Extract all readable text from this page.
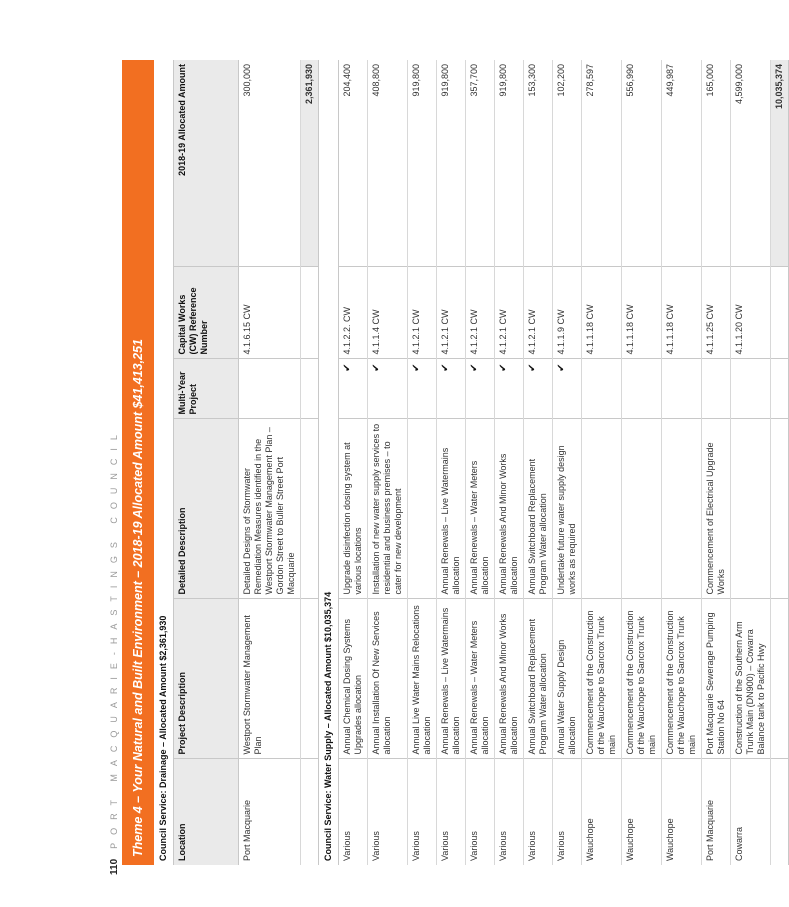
110
PORT MACQUARIE-HASTINGS COUNCIL Theme 4 – Your Natural and Built Environment – 2018-19 Allocated Amount $41,413,251 Council Service: Drainage – Allocated Amount $2,361,930					
Location	Project Description	Detailed Description	Multi-Year Project	Capital Works (CW) Reference Number	2018-19 Allocated Amount
Port Macquarie	Westport Stormwater Management Plan	Detailed Designs of Stormwater Remediation Measures identified in the Westport Stormwater Management Plan – Gordon Street to Buller Street Port Macquarie		4.1.6.15 CW	300,000
					2,361,930
Council Service: Water Supply – Allocated Amount $10,035,374					
Various	Annual Chemical Dosing Systems Upgrades allocation	Upgrade disinfection dosing system at various locations	✔	4.1.2.2. CW	204,400
Various	Annual Installation Of New Services allocation	Installation of new water supply services to residential and business premises – to cater for new development	✔	4.1.1.4 CW	408,800
Various	Annual Live Water Mains Relocations allocation		✔	4.1.2.1 CW	919,800
Various	Annual Renewals – Live Watermains allocation	Annual Renewals – Live Watermains allocation	✔	4.1.2.1 CW	919,800
Various	Annual Renewals – Water Meters allocation	Annual Renewals – Water Meters allocation	✔	4.1.2.1 CW	357,700
Various	Annual Renewals And Minor Works allocation	Annual Renewals And Minor Works allocation	✔	4.1.2.1 CW	919,800
Various	Annual Switchboard Replacement Program Water allocation	Annual Switchboard Replacement Program Water allocation	✔	4.1.2.1 CW	153,300
Various	Annual Water Supply Design allocation	Undertake future water supply design works as required	✔	4.1.1.9 CW	102,200
Wauchope	Commencement of the Construction of the Wauchope to Sancrox Trunk main			4.1.1.18 CW	278,597
Wauchope	Commencement of the Construction of the Wauchope to Sancrox Trunk main			4.1.1.18 CW	556,990
Wauchope	Commencement of the Construction of the Wauchope to Sancrox Trunk main			4.1.1.18 CW	449,987
Port Macquarie	Port Macquarie Sewerage Pumping Station No 64	Commencement of Electrical Upgrade Works		4.1.1.25 CW	165,000
Cowarra	Construction of the Southern Arm Trunk Main (DN900) – Cowarra Balance tank to Pacific Hwy			4.1.1.20 CW	4,599,000
					10,035,374
